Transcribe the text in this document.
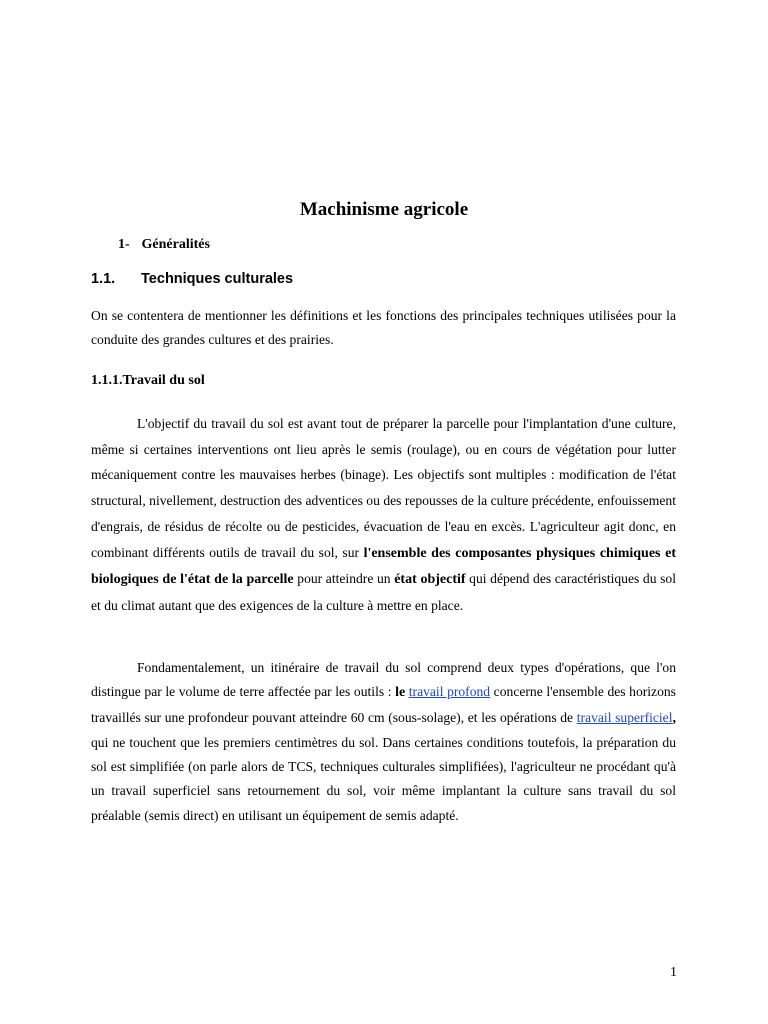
Machinisme agricole
1- Généralités
1.1. Techniques culturales

On se contentera de mentionner les définitions et les fonctions des principales techniques utilisées pour la conduite des grandes cultures et des prairies.

1.1.1.Travail du sol

L'objectif du travail du sol est avant tout de préparer la parcelle pour l'implantation d'une culture, même si certaines interventions ont lieu après le semis (roulage), ou en cours de végétation pour lutter mécaniquement contre les mauvaises herbes (binage). Les objectifs sont multiples : modification de l'état structural, nivellement, destruction des adventices ou des repousses de la culture précédente, enfouissement d'engrais, de résidus de récolte ou de pesticides, évacuation de l'eau en excès. L'agriculteur agit donc, en combinant différents outils de travail du sol, sur l'ensemble des composantes physiques chimiques et biologiques de l'état de la parcelle pour atteindre un état objectif qui dépend des caractéristiques du sol et du climat autant que des exigences de la culture à mettre en place.

Fondamentalement, un itinéraire de travail du sol comprend deux types d'opérations, que l'on distingue par le volume de terre affectée par les outils : le travail profond concerne l'ensemble des horizons travaillés sur une profondeur pouvant atteindre 60 cm (sous-solage), et les opérations de travail superficiel, qui ne touchent que les premiers centimètres du sol. Dans certaines conditions toutefois, la préparation du sol est simplifiée (on parle alors de TCS, techniques culturales simplifiées), l'agriculteur ne procédant qu'à un travail superficiel sans retournement du sol, voir même implantant la culture sans travail du sol préalable (semis direct) en utilisant un équipement de semis adapté.

1
